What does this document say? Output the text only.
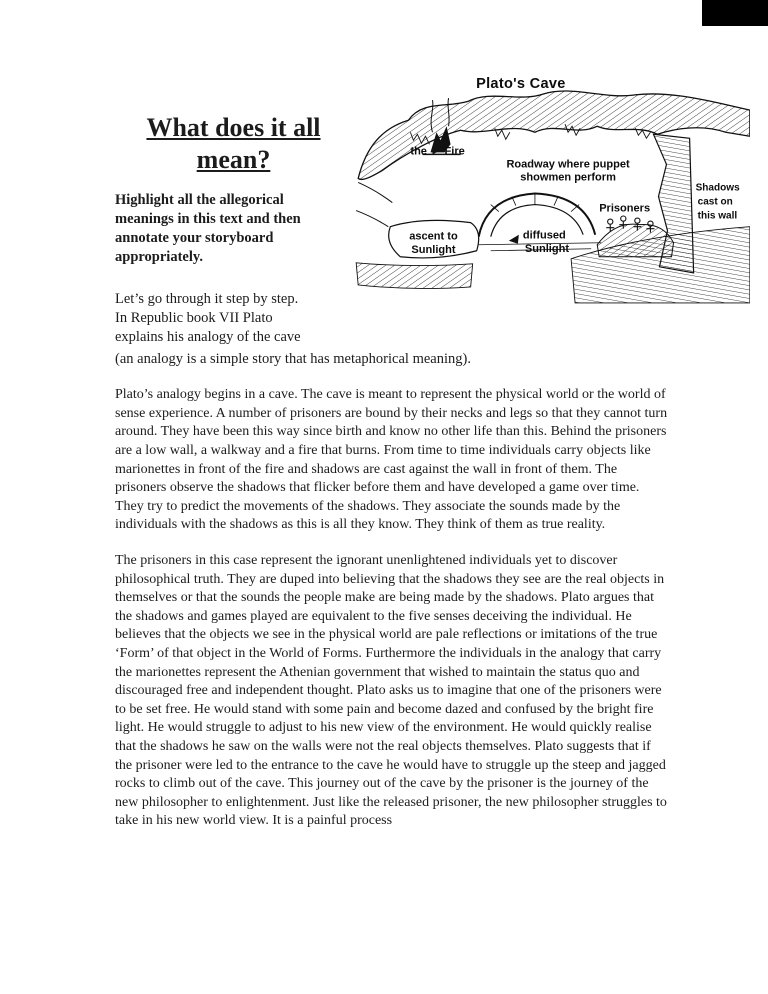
What does it all
mean?

Highlight all the allegorical meanings in this text and then annotate your storyboard appropriately.

Let’s go through it step by step.
In Republic book VII Plato
explains his analogy of the cave

Plato's Cave
the Fire
Roadway where puppet
showmen perform
Prisoners
Shadows
cast on
this wall
ascent to
Sunlight
diffused
Sunlight

(an analogy is a simple story that has metaphorical meaning).

Plato’s analogy begins in a cave. The cave is meant to represent the physical world or the world of sense experience. A number of prisoners are bound by their necks and legs so that they cannot turn around. They have been this way since birth and know no other life than this. Behind the prisoners are a low wall, a walkway and a fire that burns. From time to time individuals carry objects like marionettes in front of the fire and shadows are cast against the wall in front of them. The prisoners observe the shadows that flicker before them and have developed a game over time. They try to predict the movements of the shadows. They associate the sounds made by the individuals with the shadows as this is all they know. They think of them as true reality.

The prisoners in this case represent the ignorant unenlightened individuals yet to discover philosophical truth. They are duped into believing that the shadows they see are the real objects in themselves or that the sounds the people make are being made by the shadows. Plato argues that the shadows and games played are equivalent to the five senses deceiving the individual. He believes that the objects we see in the physical world are pale reflections or imitations of the true ‘Form’ of that object in the World of Forms. Furthermore the individuals in the analogy that carry the marionettes represent the Athenian government that wished to maintain the status quo and discouraged free and independent thought. Plato asks us to imagine that one of the prisoners were to be set free. He would stand with some pain and become dazed and confused by the bright fire light. He would struggle to adjust to his new view of the environment. He would quickly realise that the shadows he saw on the walls were not the real objects themselves. Plato suggests that if the prisoner were led to the entrance to the cave he would have to struggle up the steep and jagged rocks to climb out of the cave. This journey out of the cave by the prisoner is the journey of the new philosopher to enlightenment. Just like the released prisoner, the new philosopher struggles to take in his new world view. It is a painful process
